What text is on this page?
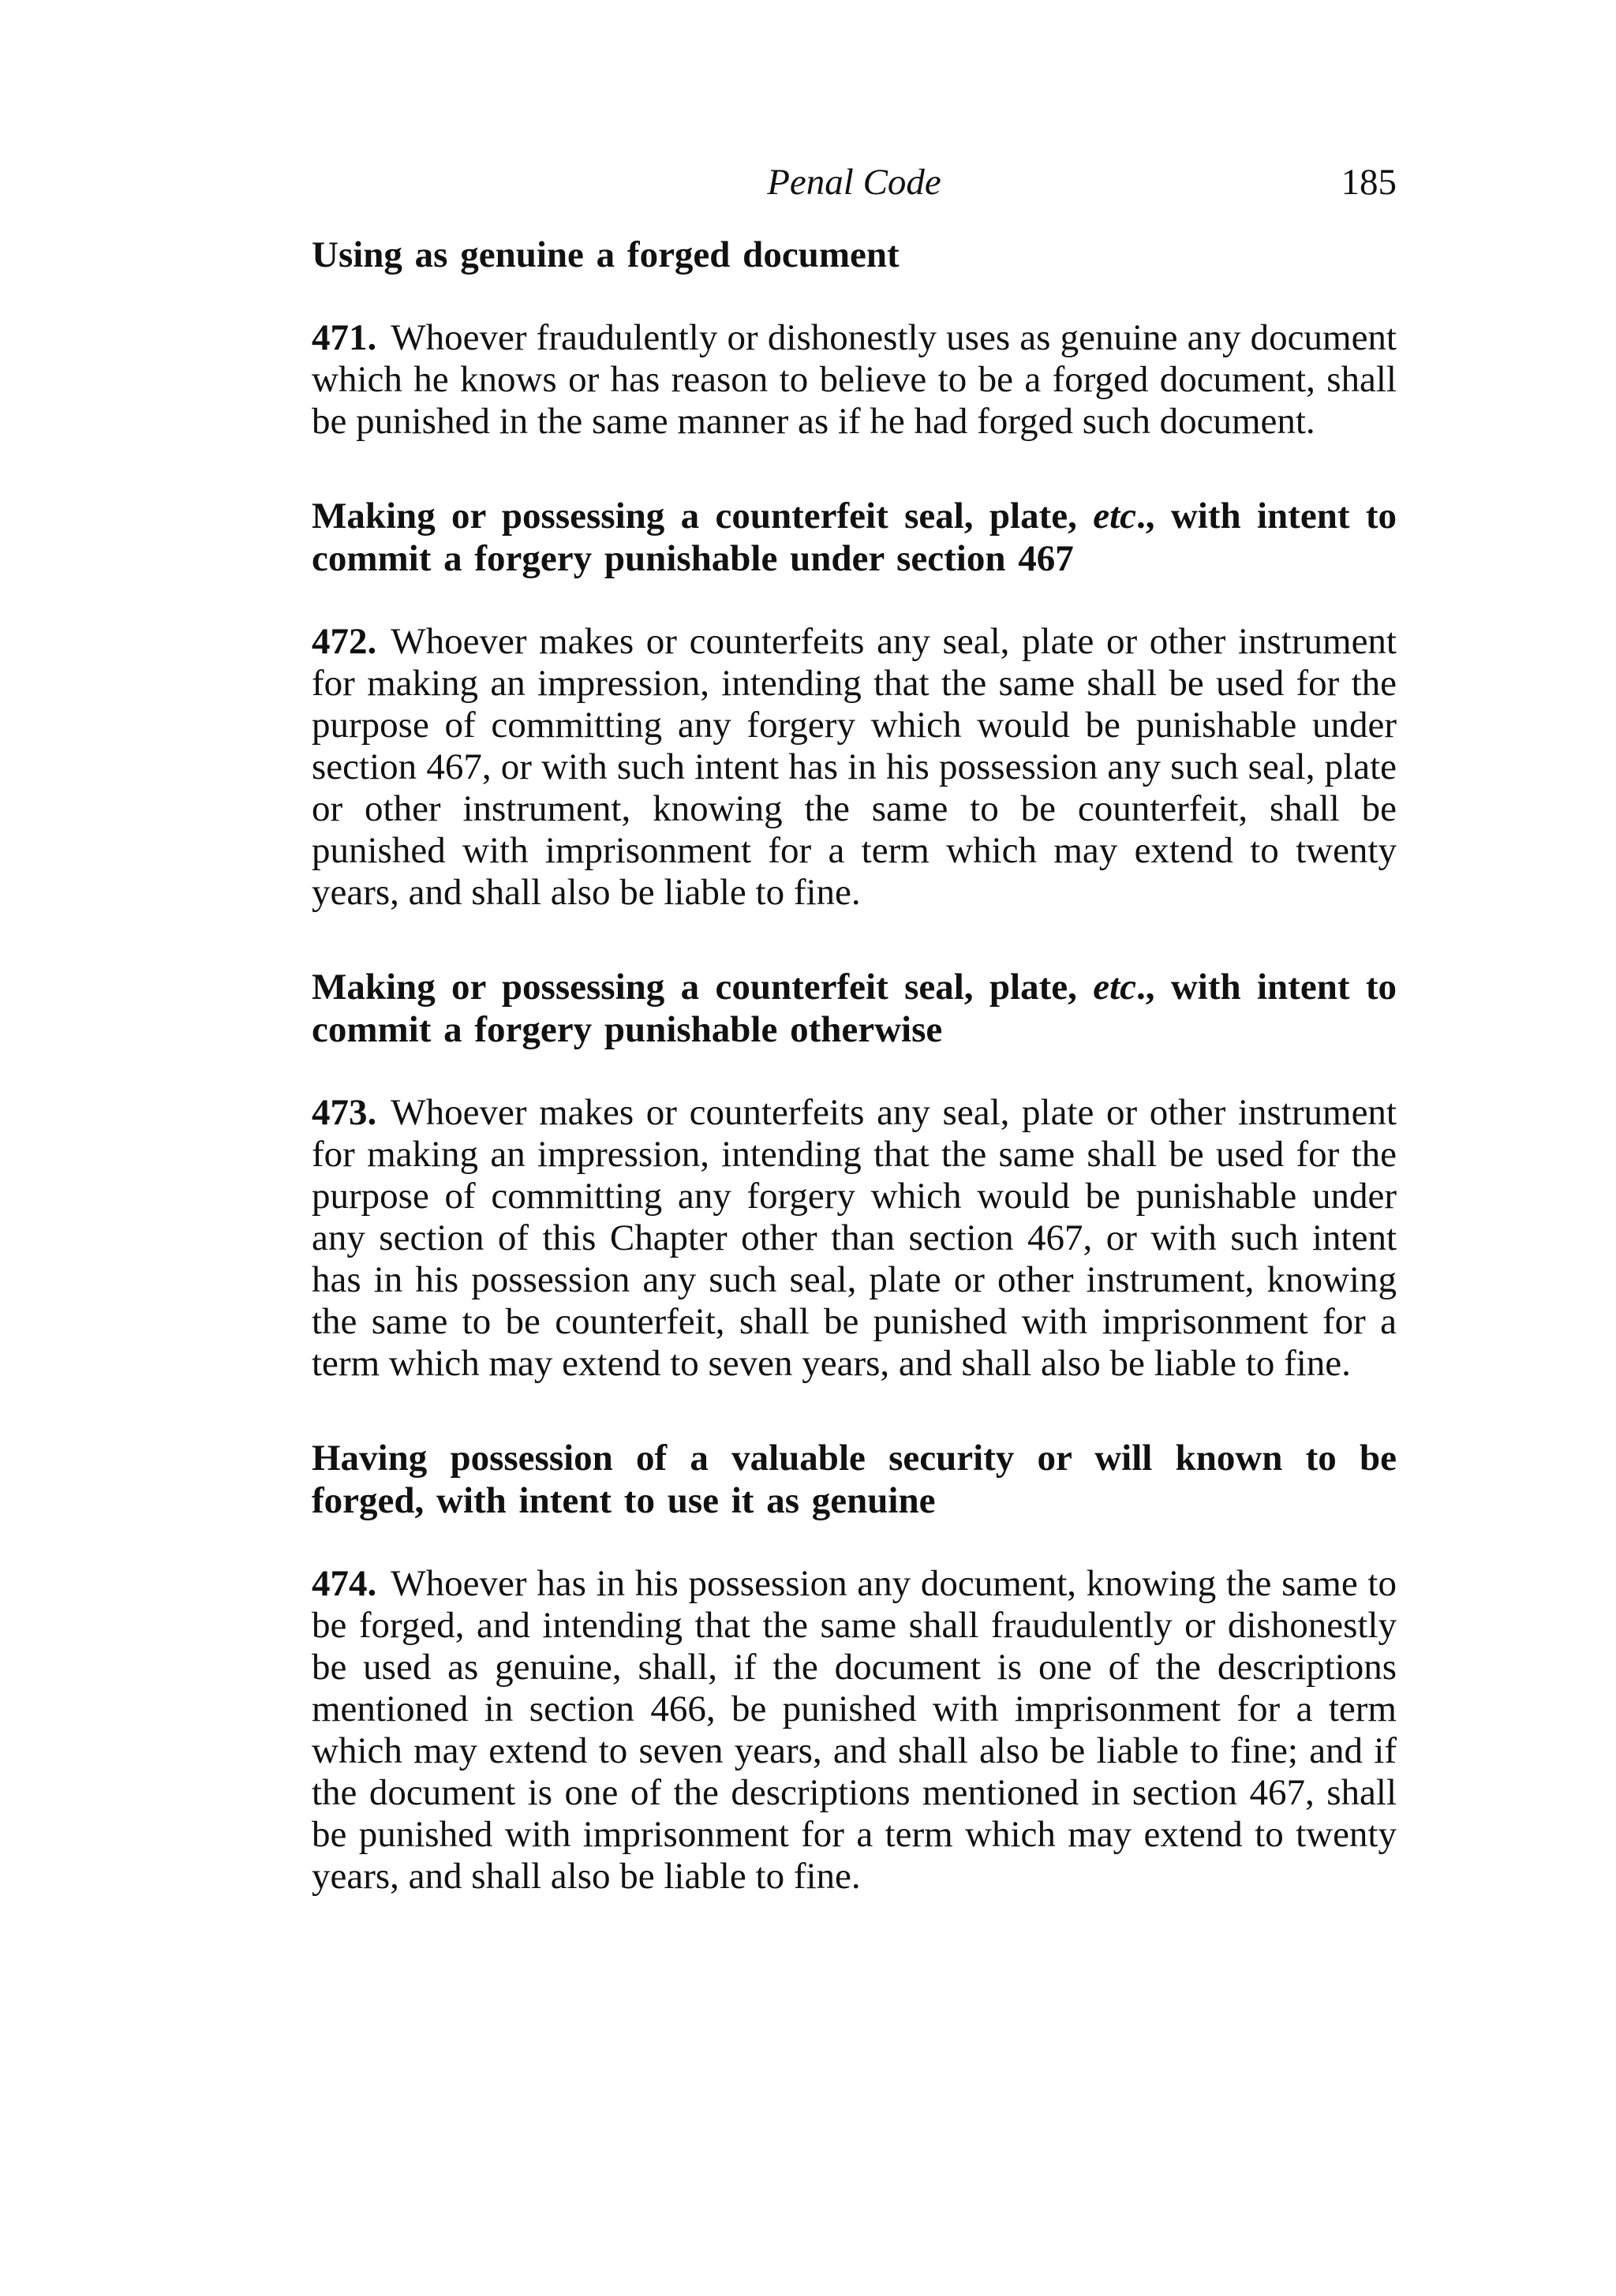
Penal Code	185

Using as genuine a forged document

471. Whoever fraudulently or dishonestly uses as genuine any document which he knows or has reason to believe to be a forged document, shall be punished in the same manner as if he had forged such document.

Making or possessing a counterfeit seal, plate, etc., with intent to commit a forgery punishable under section 467

472. Whoever makes or counterfeits any seal, plate or other instrument for making an impression, intending that the same shall be used for the purpose of committing any forgery which would be punishable under section 467, or with such intent has in his possession any such seal, plate or other instrument, knowing the same to be counterfeit, shall be punished with imprisonment for a term which may extend to twenty years, and shall also be liable to fine.

Making or possessing a counterfeit seal, plate, etc., with intent to commit a forgery punishable otherwise

473. Whoever makes or counterfeits any seal, plate or other instrument for making an impression, intending that the same shall be used for the purpose of committing any forgery which would be punishable under any section of this Chapter other than section 467, or with such intent has in his possession any such seal, plate or other instrument, knowing the same to be counterfeit, shall be punished with imprisonment for a term which may extend to seven years, and shall also be liable to fine.

Having possession of a valuable security or will known to be forged, with intent to use it as genuine

474. Whoever has in his possession any document, knowing the same to be forged, and intending that the same shall fraudulently or dishonestly be used as genuine, shall, if the document is one of the descriptions mentioned in section 466, be punished with imprisonment for a term which may extend to seven years, and shall also be liable to fine; and if the document is one of the descriptions mentioned in section 467, shall be punished with imprisonment for a term which may extend to twenty years, and shall also be liable to fine.
